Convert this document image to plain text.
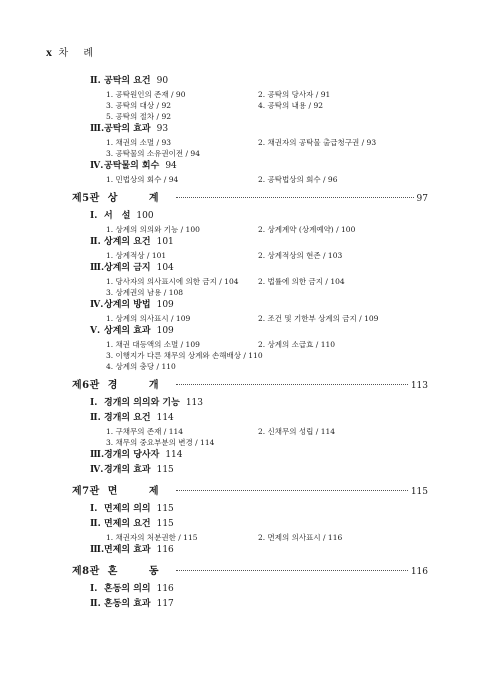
x 차 례
Ⅱ. 공탁의 요건 90
1. 공탁원인의 존재 / 90	2. 공탁의 당사자 / 91
3. 공탁의 대상 / 92	4. 공탁의 내용 / 92
5. 공탁의 절차 / 92
Ⅲ.공탁의 효과 93
1. 채권의 소멸 / 93	2. 채권자의 공탁물 출급청구권 / 93
3. 공탁물의 소유권이전 / 94
Ⅳ.공탁물의 회수 94
1. 민법상의 회수 / 94	2. 공탁법상의 회수 / 96
제5관 상 계	97
Ⅰ. 서　설 100
1. 상계의 의의와 기능 / 100	2. 상계계약 (상계예약) / 100
Ⅱ. 상계의 요건 101
1. 상계적상 / 101	2. 상계적상의 현존 / 103
Ⅲ.상계의 금지 104
1. 당사자의 의사표시에 의한 금지 / 104	2. 법률에 의한 금지 / 104
3. 상계권의 남용 / 108
Ⅳ.상계의 방법 109
1. 상계의 의사표시 / 109	2. 조건 및 기한부 상계의 금지 / 109
Ⅴ. 상계의 효과 109
1. 채권 대등액의 소멸 / 109	2. 상계의 소급효 / 110
3. 이행지가 다른 채무의 상계와 손해배상 / 110
4. 상계의 충당 / 110
제6관 경 개	113
Ⅰ. 경개의 의의와 기능 113
Ⅱ. 경개의 요건 114
1. 구채무의 존재 / 114	2. 신채무의 성립 / 114
3. 채무의 중요부분의 변경 / 114
Ⅲ.경개의 당사자 114
Ⅳ.경개의 효과 115
제7관 면 제	115
Ⅰ. 면제의 의의 115
Ⅱ. 면제의 요건 115
1. 채권자의 처분권한 / 115	2. 면제의 의사표시 / 116
Ⅲ.면제의 효과 116
제8관 혼 동	116
Ⅰ. 혼동의 의의 116
Ⅱ. 혼동의 효과 117
